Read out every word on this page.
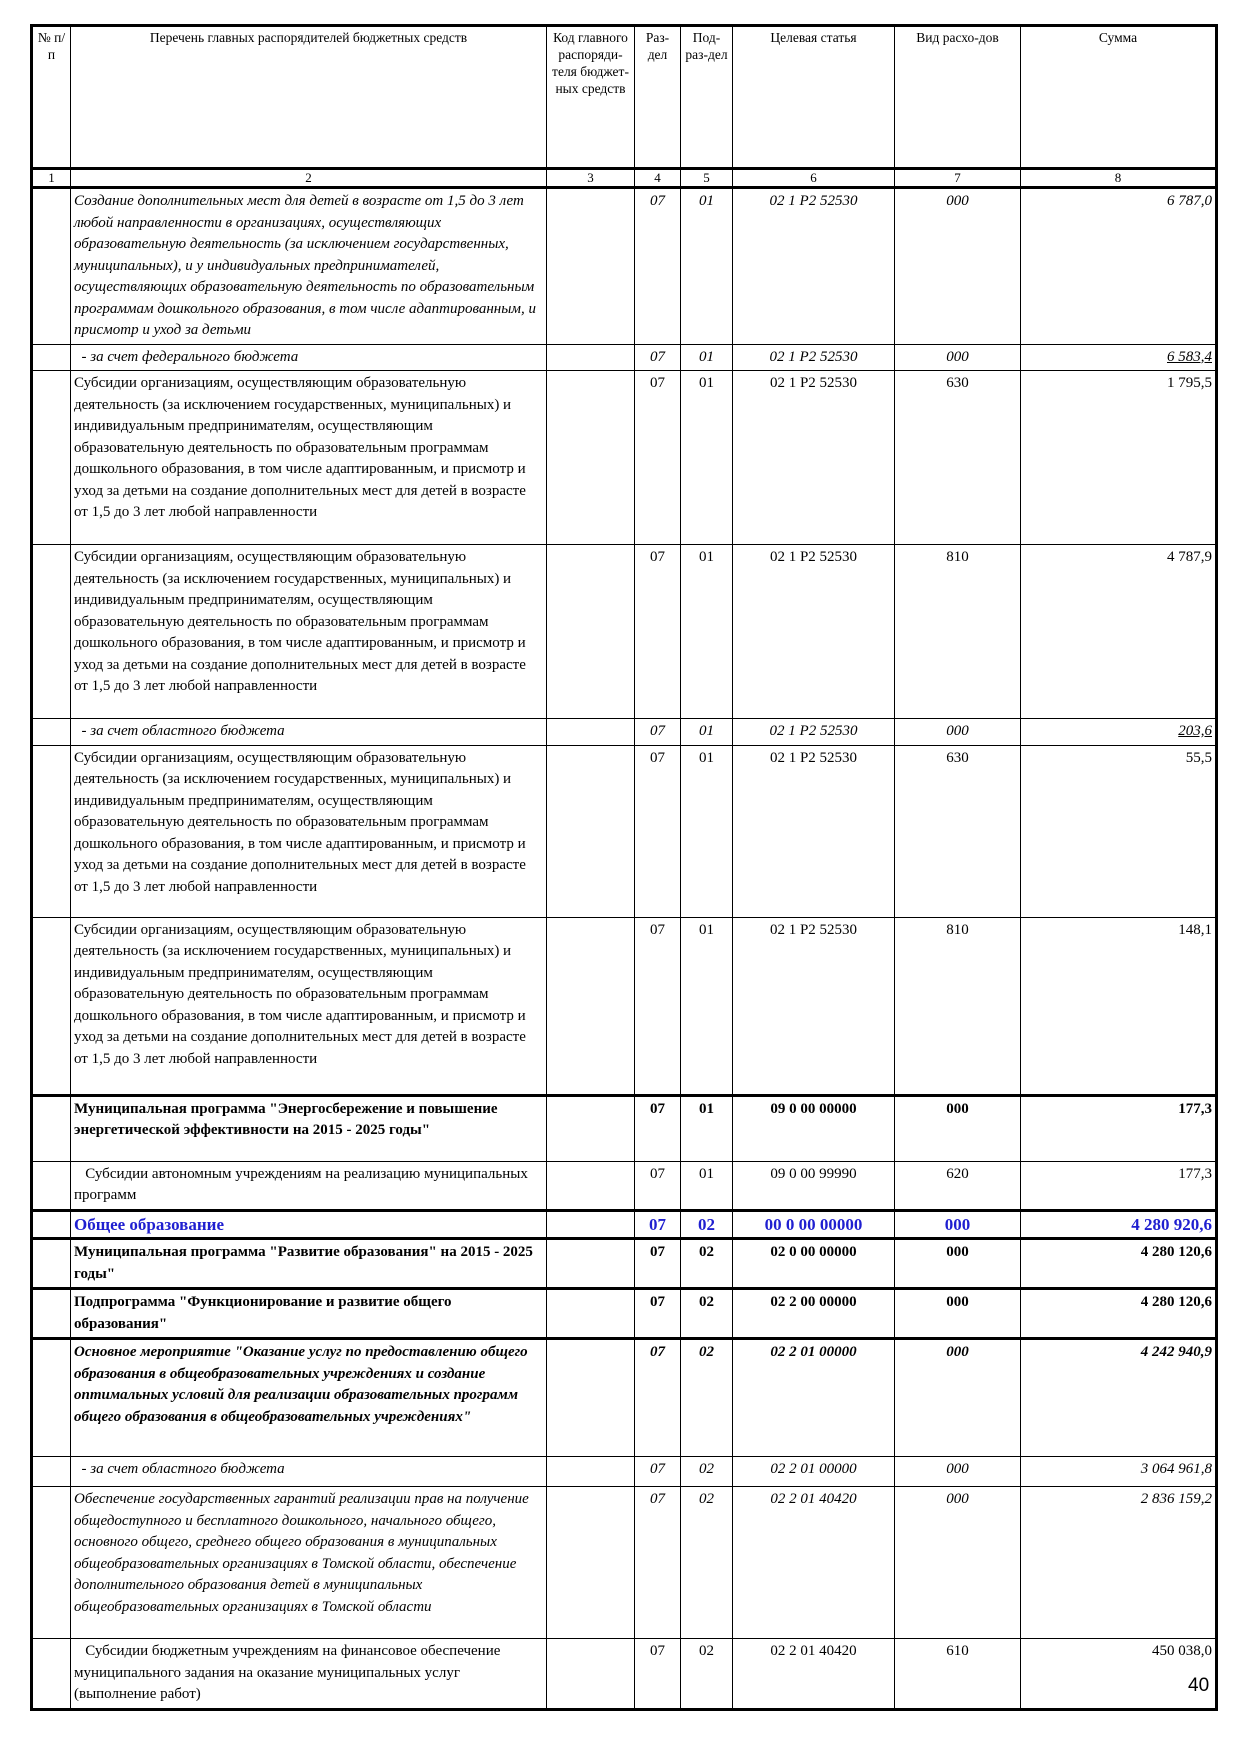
№ п/п	Перечень главных распорядителей бюджетных средств	Код главного распоряди-теля бюджет-ных средств	Раз-дел	Под-раз-дел	Целевая статья	Вид расхо-дов	Сумма
1	2	3	4	5	6	7	8
	Создание дополнительных мест для детей в возрасте от 1,5 до 3 лет любой направленности в организациях, осуществляющих образовательную деятельность (за исключением государственных, муниципальных), и у индивидуальных предпринимателей, осуществляющих образовательную деятельность по образовательным программам дошкольного образования, в том числе адаптированным, и присмотр и уход за детьми		07	01	02 1 P2 52530	000	6 787,0
	- за счет федерального бюджета		07	01	02 1 P2 52530	000	6 583,4
	Субсидии организациям, осуществляющим образовательную деятельность (за исключением государственных, муниципальных) и индивидуальным предпринимателям, осуществляющим образовательную деятельность по образовательным программам дошкольного образования, в том числе адаптированным, и присмотр и уход за детьми на создание дополнительных мест для детей в возрасте от 1,5 до 3 лет любой направленности		07	01	02 1 P2 52530	630	1 795,5
	Субсидии организациям, осуществляющим образовательную деятельность (за исключением государственных, муниципальных) и индивидуальным предпринимателям, осуществляющим образовательную деятельность по образовательным программам дошкольного образования, в том числе адаптированным, и присмотр и уход за детьми на создание дополнительных мест для детей в возрасте от 1,5 до 3 лет любой направленности		07	01	02 1 P2 52530	810	4 787,9
	- за счет областного бюджета		07	01	02 1 P2 52530	000	203,6
	Субсидии организациям, осуществляющим образовательную деятельность (за исключением государственных, муниципальных) и индивидуальным предпринимателям, осуществляющим образовательную деятельность по образовательным программам дошкольного образования, в том числе адаптированным, и присмотр и уход за детьми на создание дополнительных мест для детей в возрасте от 1,5 до 3 лет любой направленности		07	01	02 1 P2 52530	630	55,5
	Субсидии организациям, осуществляющим образовательную деятельность (за исключением государственных, муниципальных) и индивидуальным предпринимателям, осуществляющим образовательную деятельность по образовательным программам дошкольного образования, в том числе адаптированным, и присмотр и уход за детьми на создание дополнительных мест для детей в возрасте от 1,5 до 3 лет любой направленности		07	01	02 1 P2 52530	810	148,1
	Муниципальная программа "Энергосбережение и повышение энергетической эффективности на 2015 - 2025 годы"		07	01	09 0 00 00000	000	177,3
	Субсидии автономным учреждениям на реализацию муниципальных программ		07	01	09 0 00 99990	620	177,3
	Общее образование		07	02	00 0 00 00000	000	4 280 920,6
	Муниципальная программа "Развитие образования" на 2015 - 2025 годы"		07	02	02 0 00 00000	000	4 280 120,6
	Подпрограмма "Функционирование и развитие общего образования"		07	02	02 2 00 00000	000	4 280 120,6
	Основное мероприятие "Оказание услуг по предоставлению общего образования в общеобразовательных учреждениях и создание оптимальных условий для реализации образовательных программ общего образования в общеобразовательных учреждениях"		07	02	02 2 01 00000	000	4 242 940,9
	- за счет областного бюджета		07	02	02 2 01 00000	000	3 064 961,8
	Обеспечение государственных гарантий реализации прав на получение общедоступного и бесплатного дошкольного, начального общего, основного общего, среднего общего образования в муниципальных общеобразовательных организациях в Томской области, обеспечение дополнительного образования детей в муниципальных общеобразовательных организациях в Томской области		07	02	02 2 01 40420	000	2 836 159,2
	Субсидии бюджетным учреждениям на финансовое обеспечение муниципального задания на оказание муниципальных услуг (выполнение работ)		07	02	02 2 01 40420	610	450 038,0
40
